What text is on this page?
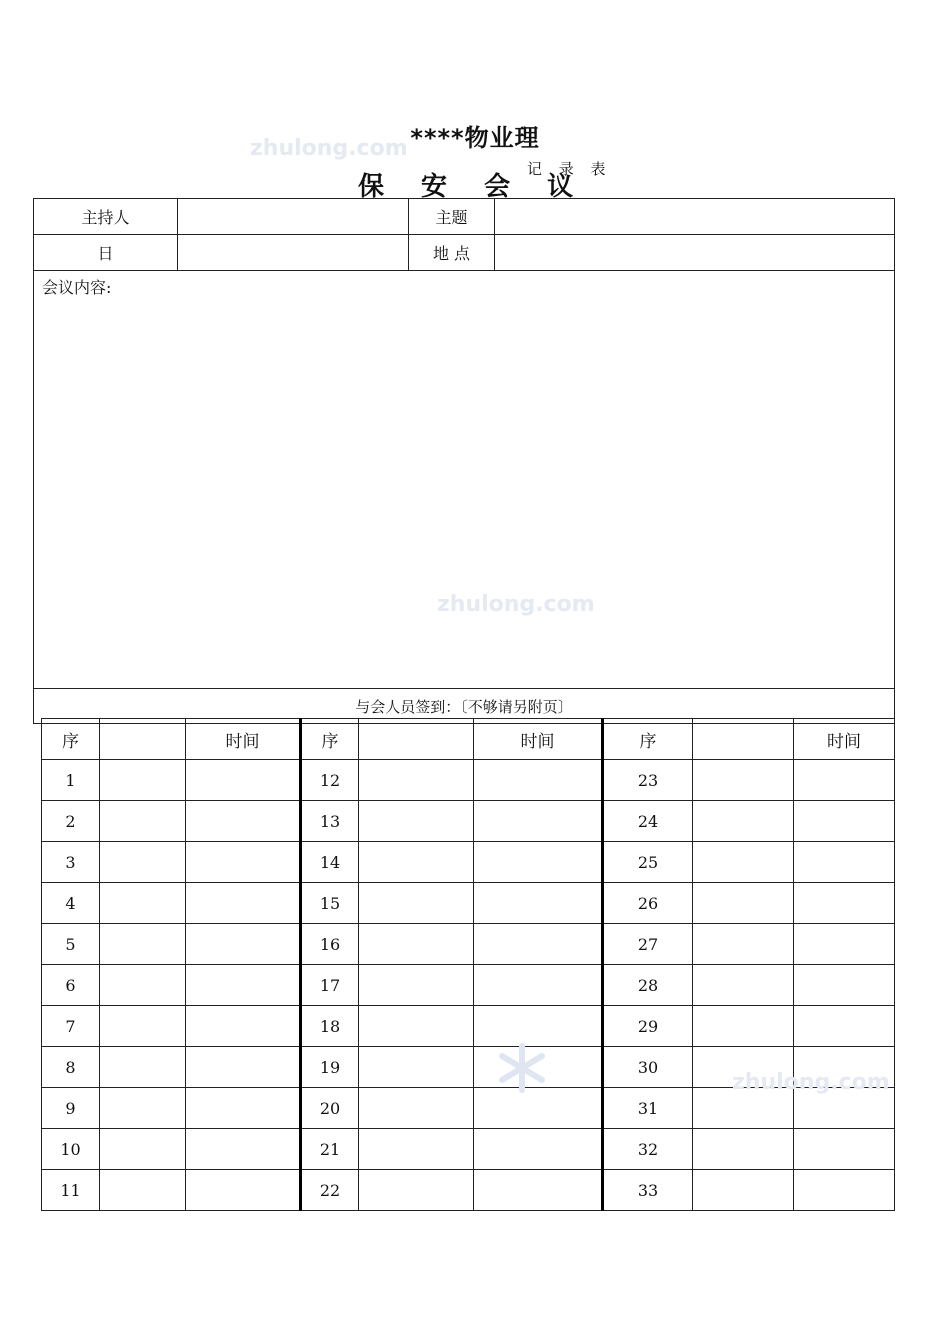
****物业理
保 安 会 议
记 录 表
主持人		主题	
日		地 点	
会议内容:			
与会人员签到：〔不够请另附页〕			
序		时间	序		时间	序		时间
1			12			23		
2			13			24		
3			14			25		
4			15			26		
5			16			27		
6			17			28		
7			18			29		
8			19			30		
9			20			31		
10			21			32		
11			22			33		
zhulong.com
zhulong.com
zhulong.com
